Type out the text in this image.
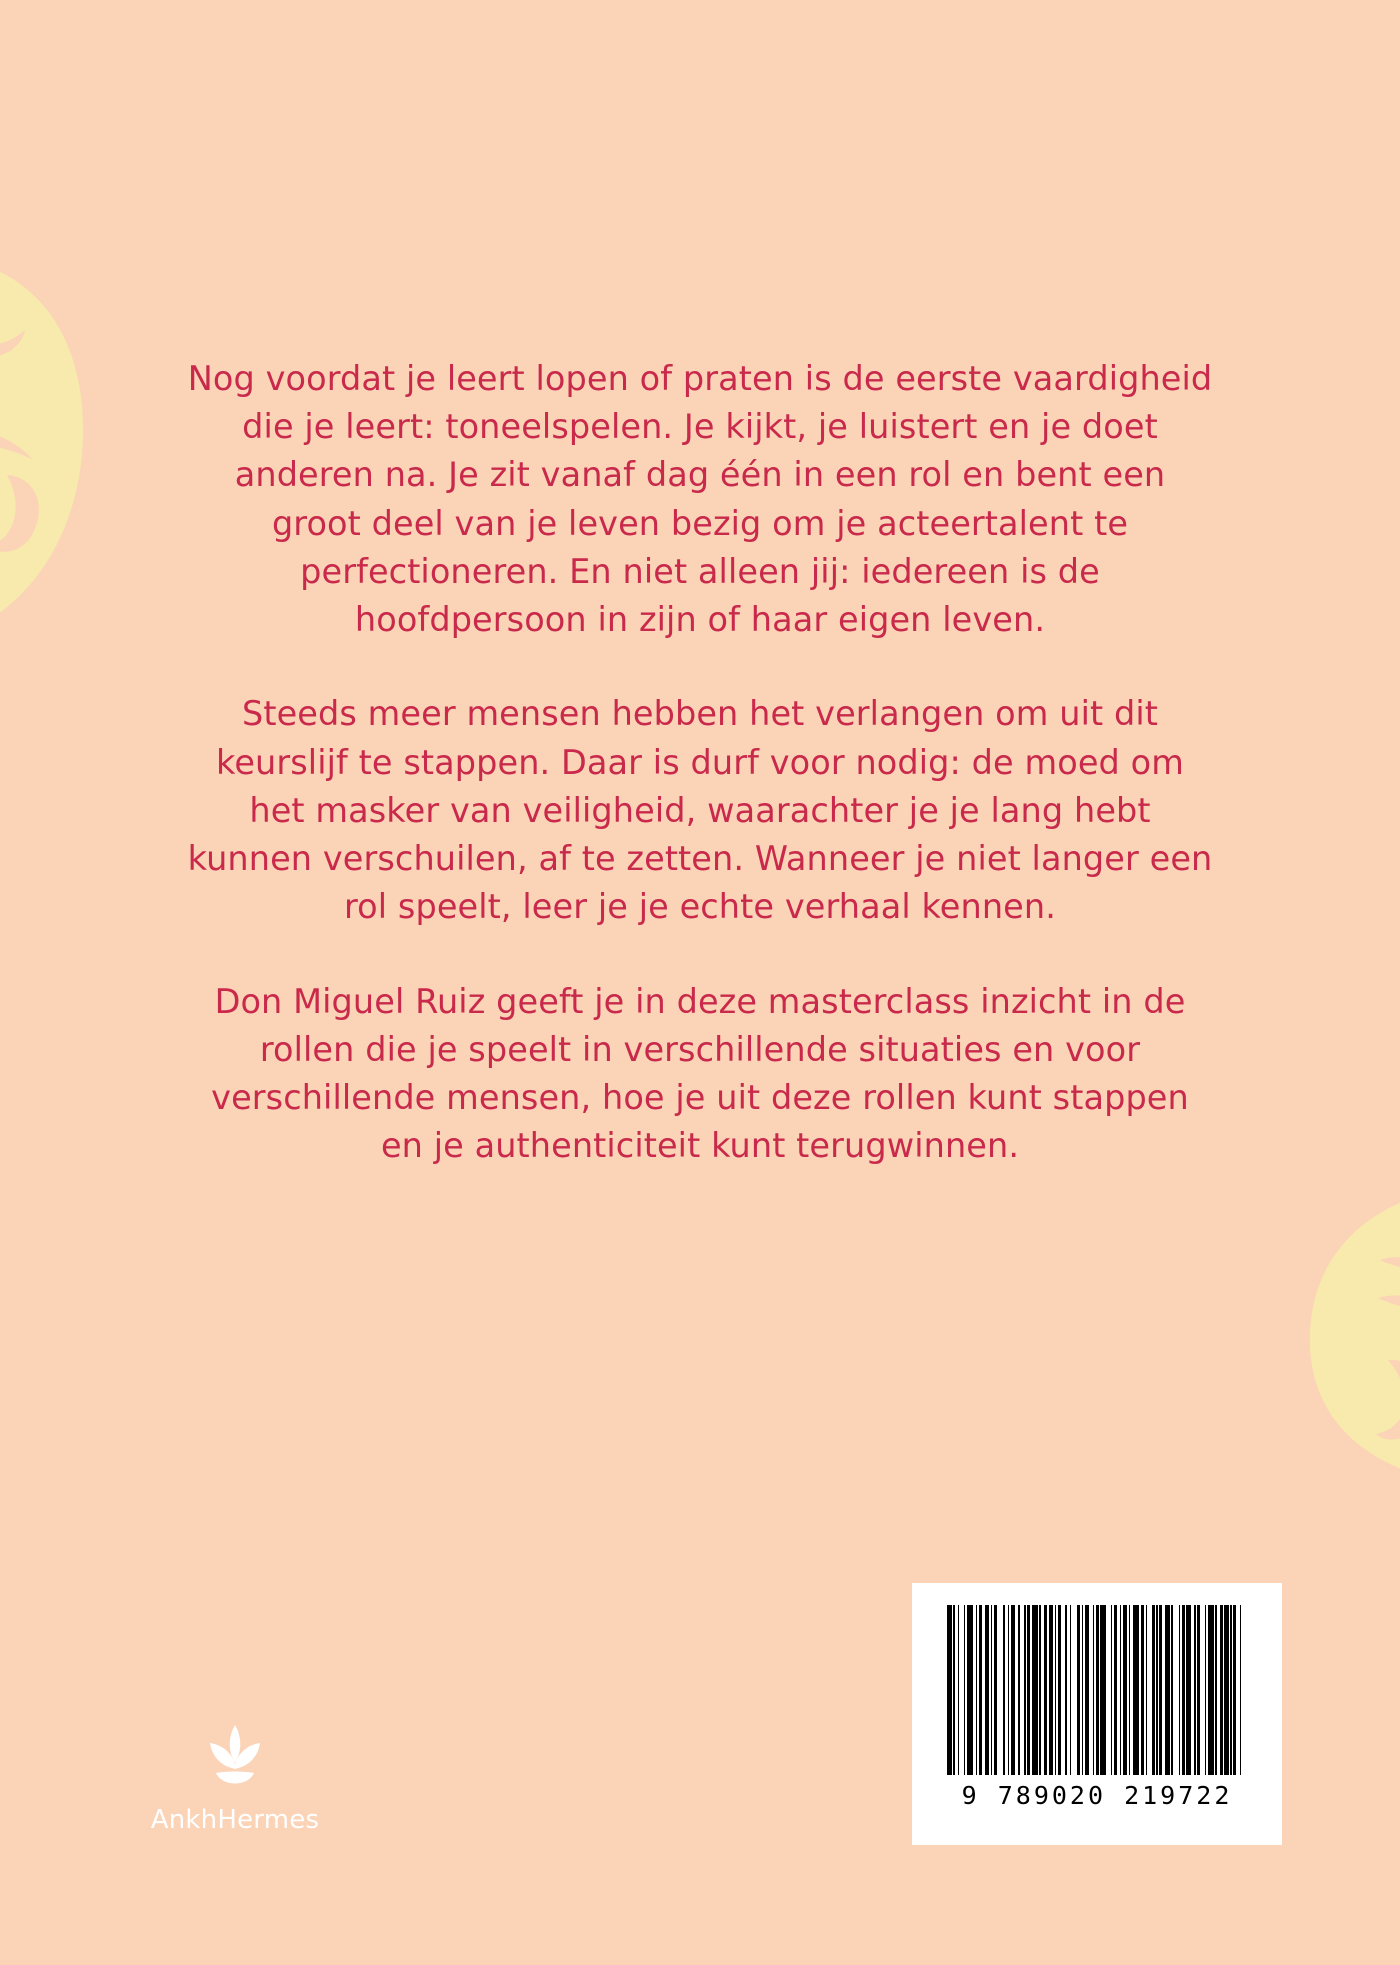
Nog voordat je leert lopen of praten is de eerste vaardigheid die je leert: toneelspelen. Je kijkt, je luistert en je doet anderen na. Je zit vanaf dag één in een rol en bent een groot deel van je leven bezig om je acteertalent te perfectioneren. En niet alleen jij: iedereen is de hoofdpersoon in zijn of haar eigen leven.

Steeds meer mensen hebben het verlangen om uit dit keurslijf te stappen. Daar is durf voor nodig: de moed om het masker van veiligheid, waarachter je je lang hebt kunnen verschuilen, af te zetten. Wanneer je niet langer een rol speelt, leer je je echte verhaal kennen.

Don Miguel Ruiz geeft je in deze masterclass inzicht in de rollen die je speelt in verschillende situaties en voor verschillende mensen, hoe je uit deze rollen kunt stappen en je authenticiteit kunt terugwinnen.

AnkhHermes
9 789020 219722
